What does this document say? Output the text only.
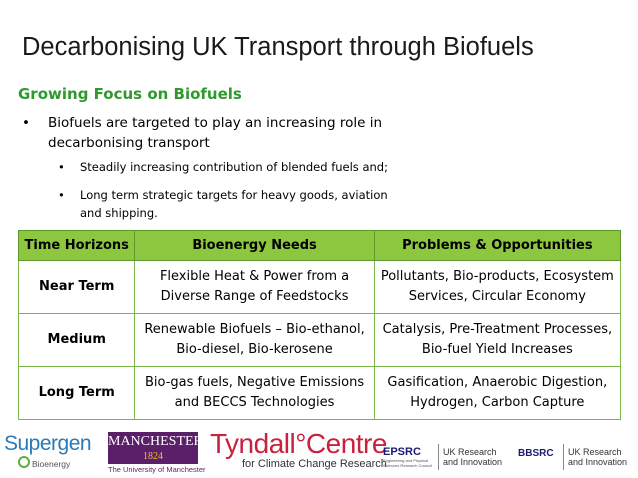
Decarbonising UK Transport through Biofuels
Growing Focus on Biofuels
• Biofuels are targeted to play an increasing role in decarbonising transport
• Steadily increasing contribution of blended fuels and;
• Long term strategic targets for heavy goods, aviation and shipping.
Time Horizons	Bioenergy Needs	Problems & Opportunities
Near Term	Flexible Heat & Power from a Diverse Range of Feedstocks	Pollutants, Bio-products, Ecosystem Services, Circular Economy
Medium	Renewable Biofuels – Bio-ethanol, Bio-diesel, Bio-kerosene	Catalysis, Pre-Treatment Processes, Bio-fuel Yield Increases
Long Term	Bio-gas fuels, Negative Emissions and BECCS Technologies	Gasification, Anaerobic Digestion, Hydrogen, Carbon Capture
Supergen
Bioenergy
MANCHESTER
1824
The University of Manchester
Tyndall°Centre
for Climate Change Research
EPSRC
Engineering and Physical Sciences Research Council
UK Research and Innovation
BBSRC UK Research and Innovation
